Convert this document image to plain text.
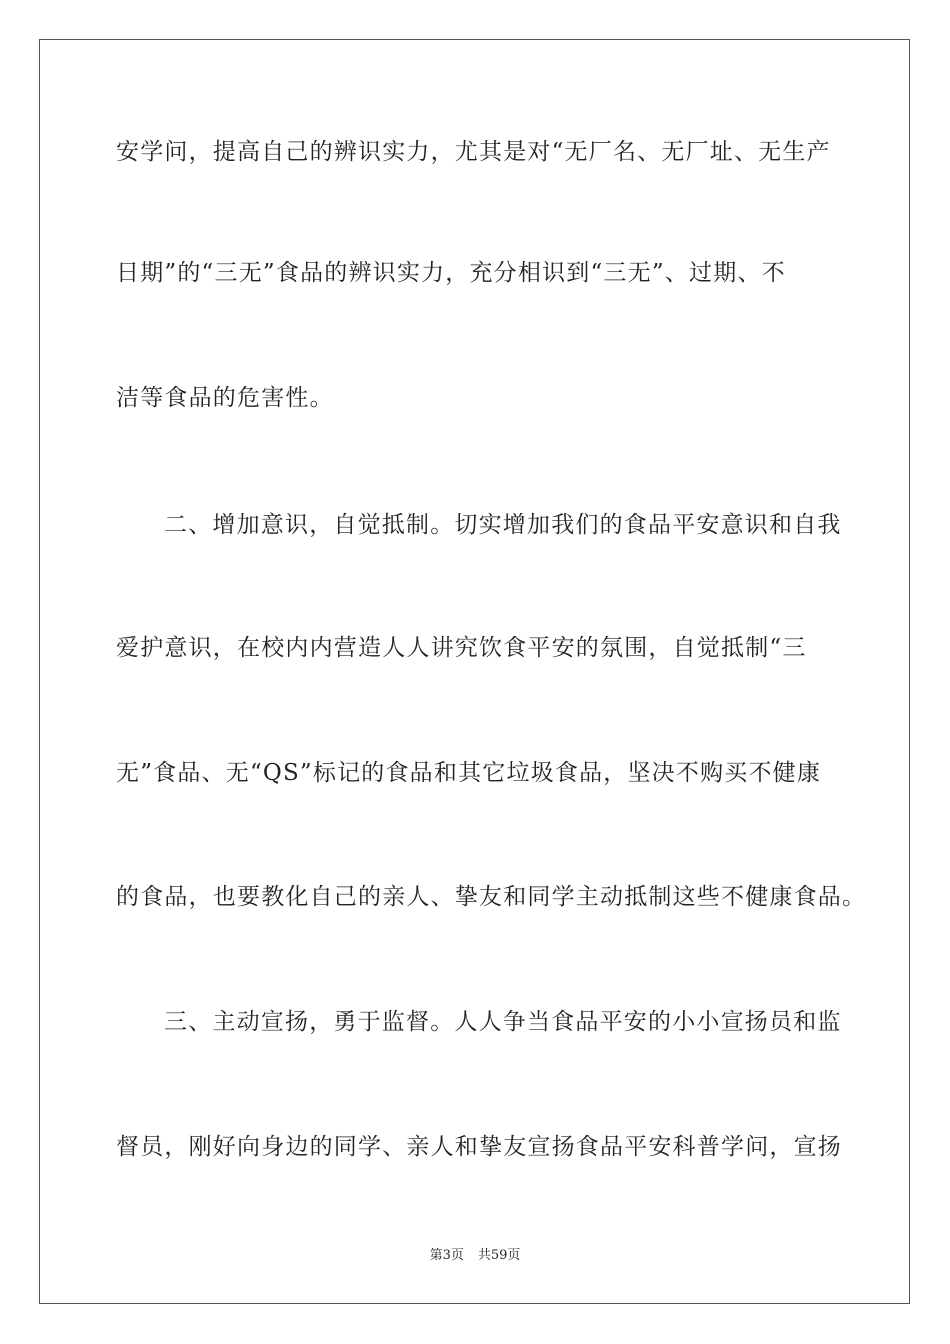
安学问，提高自己的辨识实力，尤其是对“无厂名、无厂址、无生产
日期”的“三无”食品的辨识实力，充分相识到“三无”、过期、不
洁等食品的危害性。
二、增加意识，自觉抵制。切实增加我们的食品平安意识和自我
爱护意识，在校内内营造人人讲究饮食平安的氛围，自觉抵制“三
无”食品、无“QS”标记的食品和其它垃圾食品，坚决不购买不健康
的食品，也要教化自己的亲人、挚友和同学主动抵制这些不健康食品。
三、主动宣扬，勇于监督。人人争当食品平安的小小宣扬员和监
督员，刚好向身边的同学、亲人和挚友宣扬食品平安科普学问，宣扬
第3页 共59页
